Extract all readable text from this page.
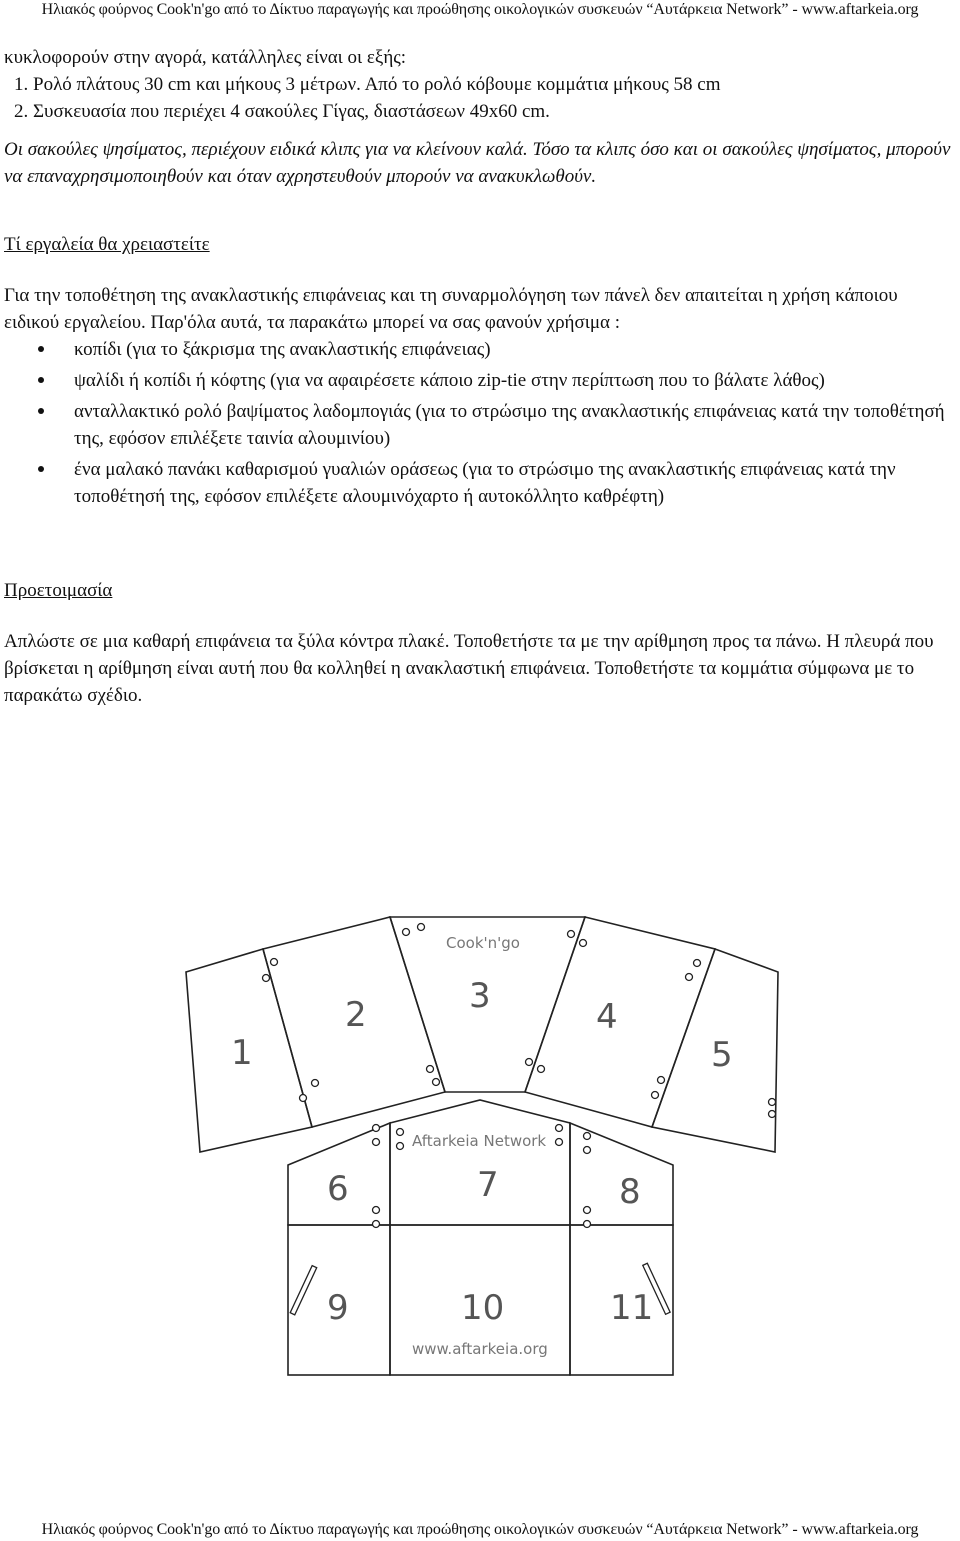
Ηλιακός φούρνος Cook'n'go από το Δίκτυο παραγωγής και προώθησης οικολογικών συσκευών “Αυτάρκεια Network” - www.aftarkeia.org

κυκλοφορούν στην αγορά, κατάλληλες είναι οι εξής:

1. Ρολό πλάτους 30 cm και μήκους 3 μέτρων. Από το ρολό κόβουμε κομμάτια μήκους 58 cm
2. Συσκευασία που περιέχει 4 σακούλες Γίγας, διαστάσεων 49x60 cm.

Οι σακούλες ψησίματος, περιέχουν ειδικά κλιπς για να κλείνουν καλά. Τόσο τα κλιπς όσο και οι σακούλες ψησίματος, μπορούν να επαναχρησιμοποιηθούν και όταν αχρηστευθούν μπορούν να ανακυκλωθούν.

Τί εργαλεία θα χρειαστείτε

Για την τοποθέτηση της ανακλαστικής επιφάνειας και τη συναρμολόγηση των πάνελ δεν απαιτείται η χρήση κάποιου ειδικού εργαλείου. Παρ'όλα αυτά, τα παρακάτω μπορεί να σας φανούν χρήσιμα :

κοπίδι (για το ξάκρισμα της ανακλαστικής επιφάνειας)
ψαλίδι ή κοπίδι ή κόφτης (για να αφαιρέσετε κάποιο zip-tie στην περίπτωση που το βάλατε λάθος)
ανταλλακτικό ρολό βαψίματος λαδομπογιάς (για το στρώσιμο της ανακλαστικής επιφάνειας κατά την τοποθέτησή της, εφόσον επιλέξετε ταινία αλουμινίου)
ένα μαλακό πανάκι καθαρισμού γυαλιών οράσεως (για το στρώσιμο της ανακλαστικής επιφάνειας κατά την τοποθέτησή της, εφόσον επιλέξετε αλουμινόχαρτο ή αυτοκόλλητο καθρέφτη)

Προετοιμασία

Απλώστε σε μια καθαρή επιφάνεια τα ξύλα κόντρα πλακέ. Τοποθετήστε τα με την αρίθμηση προς τα πάνω. Η πλευρά που βρίσκεται η αρίθμηση είναι αυτή που θα κολληθεί η ανακλαστική επιφάνεια. Τοποθετήστε τα κομμάτια σύμφωνα με το παρακάτω σχέδιο.

Cook'n'go
Aftarkeia Network
www.aftarkeia.org
1
2	3
4
5
6	7	8
9	10	11
Ηλιακός φούρνος Cook'n'go από το Δίκτυο παραγωγής και προώθησης οικολογικών συσκευών “Αυτάρκεια Network” - www.aftarkeia.org
